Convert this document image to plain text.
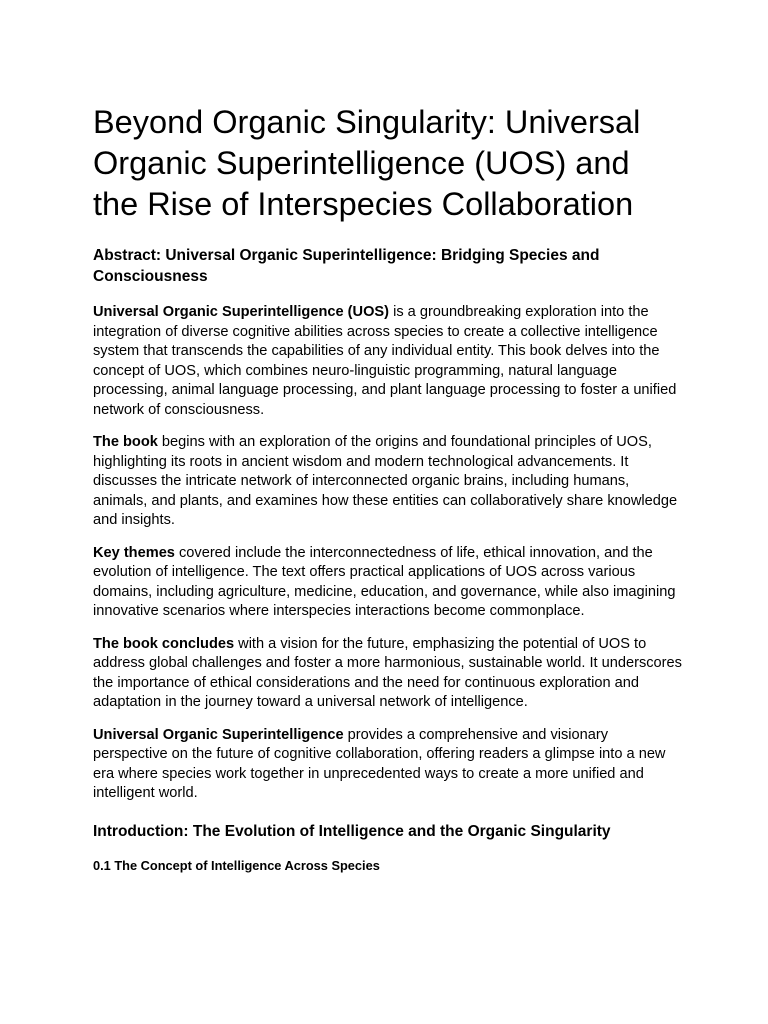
Beyond Organic Singularity: Universal Organic Superintelligence (UOS) and the Rise of Interspecies Collaboration
Abstract: Universal Organic Superintelligence: Bridging Species and Consciousness

Universal Organic Superintelligence (UOS) is a groundbreaking exploration into the integration of diverse cognitive abilities across species to create a collective intelligence system that transcends the capabilities of any individual entity. This book delves into the concept of UOS, which combines neuro-linguistic programming, natural language processing, animal language processing, and plant language processing to foster a unified network of consciousness.

The book begins with an exploration of the origins and foundational principles of UOS, highlighting its roots in ancient wisdom and modern technological advancements. It discusses the intricate network of interconnected organic brains, including humans, animals, and plants, and examines how these entities can collaboratively share knowledge and insights.

Key themes covered include the interconnectedness of life, ethical innovation, and the evolution of intelligence. The text offers practical applications of UOS across various domains, including agriculture, medicine, education, and governance, while also imagining innovative scenarios where interspecies interactions become commonplace.

The book concludes with a vision for the future, emphasizing the potential of UOS to address global challenges and foster a more harmonious, sustainable world. It underscores the importance of ethical considerations and the need for continuous exploration and adaptation in the journey toward a universal network of intelligence.

Universal Organic Superintelligence provides a comprehensive and visionary perspective on the future of cognitive collaboration, offering readers a glimpse into a new era where species work together in unprecedented ways to create a more unified and intelligent world.

Introduction: The Evolution of Intelligence and the Organic Singularity
0.1 The Concept of Intelligence Across Species
